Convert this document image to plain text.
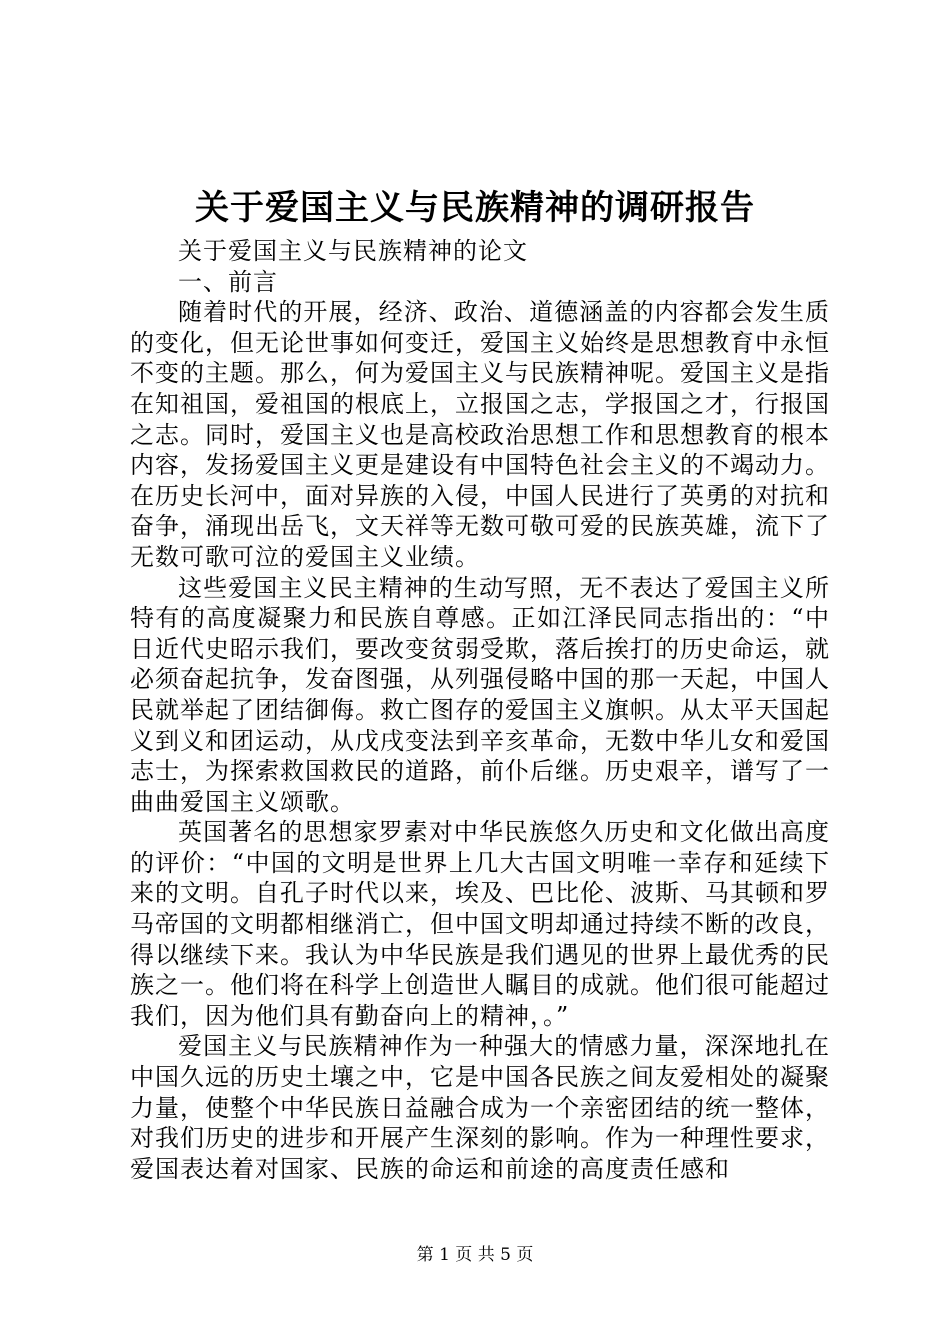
关于爱国主义与民族精神的调研报告

关于爱国主义与民族精神的论文

一、前言

随着时代的开展，经济、政治、道德涵盖的内容都会发生质的变化，但无论世事如何变迁，爱国主义始终是思想教育中永恒不变的主题。那么，何为爱国主义与民族精神呢。爱国主义是指在知祖国，爱祖国的根底上，立报国之志，学报国之才，行报国之志。同时，爱国主义也是高校政治思想工作和思想教育的根本内容，发扬爱国主义更是建设有中国特色社会主义的不竭动力。在历史长河中，面对异族的入侵，中国人民进行了英勇的对抗和奋争，涌现出岳飞，文天祥等无数可敬可爱的民族英雄，流下了无数可歌可泣的爱国主义业绩。

这些爱国主义民主精神的生动写照，无不表达了爱国主义所特有的高度凝聚力和民族自尊感。正如江泽民同志指出的：“中日近代史昭示我们，要改变贫弱受欺，落后挨打的历史命运，就必须奋起抗争，发奋图强，从列强侵略中国的那一天起，中国人民就举起了团结御侮。救亡图存的爱国主义旗帜。从太平天国起义到义和团运动，从戊戌变法到辛亥革命，无数中华儿女和爱国志士，为探索救国救民的道路，前仆后继。历史艰辛，谱写了一曲曲爱国主义颂歌。

英国著名的思想家罗素对中华民族悠久历史和文化做出高度的评价：“中国的文明是世界上几大古国文明唯一幸存和延续下来的文明。自孔子时代以来，埃及、巴比伦、波斯、马其顿和罗马帝国的文明都相继消亡，但中国文明却通过持续不断的改良，得以继续下来。我认为中华民族是我们遇见的世界上最优秀的民族之一。他们将在科学上创造世人瞩目的成就。他们很可能超过我们，因为他们具有勤奋向上的精神，。”

爱国主义与民族精神作为一种强大的情感力量，深深地扎在中国久远的历史土壤之中，它是中国各民族之间友爱相处的凝聚力量，使整个中华民族日益融合成为一个亲密团结的统一整体，对我们历史的进步和开展产生深刻的影响。作为一种理性要求，爱国表达着对国家、民族的命运和前途的高度责任感和

第 1 页 共 5 页
